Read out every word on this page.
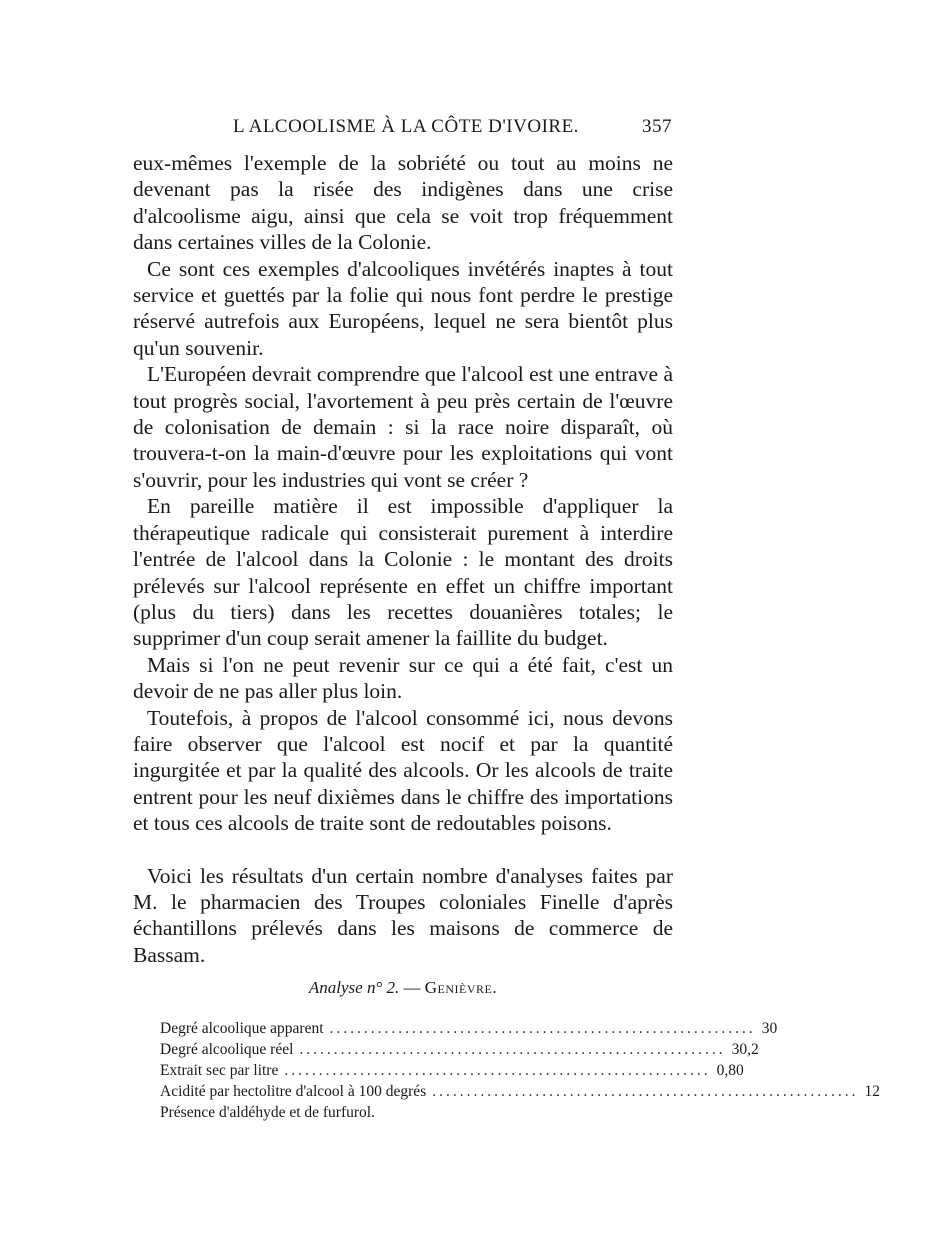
L ALCOOLISME À LA CÔTE D'IVOIRE.	357

eux-mêmes l'exemple de la sobriété ou tout au moins ne devenant pas la risée des indigènes dans une crise d'alcoolisme aigu, ainsi que cela se voit trop fréquemment dans certaines villes de la Colonie.

Ce sont ces exemples d'alcooliques invétérés inaptes à tout service et guettés par la folie qui nous font perdre le prestige réservé autrefois aux Européens, lequel ne sera bientôt plus qu'un souvenir.

L'Européen devrait comprendre que l'alcool est une entrave à tout progrès social, l'avortement à peu près certain de l'œuvre de colonisation de demain : si la race noire disparaît, où trouvera-t-on la main-d'œuvre pour les exploitations qui vont s'ouvrir, pour les industries qui vont se créer ?

En pareille matière il est impossible d'appliquer la thérapeutique radicale qui consisterait purement à interdire l'entrée de l'alcool dans la Colonie : le montant des droits prélevés sur l'alcool représente en effet un chiffre important (plus du tiers) dans les recettes douanières totales; le supprimer d'un coup serait amener la faillite du budget.

Mais si l'on ne peut revenir sur ce qui a été fait, c'est un devoir de ne pas aller plus loin.

Toutefois, à propos de l'alcool consommé ici, nous devons faire observer que l'alcool est nocif et par la quantité ingurgitée et par la qualité des alcools. Or les alcools de traite entrent pour les neuf dixièmes dans le chiffre des importations et tous ces alcools de traite sont de redoutables poisons.

Voici les résultats d'un certain nombre d'analyses faites par M. le pharmacien des Troupes coloniales Finelle d'après échantillons prélevés dans les maisons de commerce de Bassam.

Analyse n° 2. — Genièvre.
Degré alcoolique apparent .............................................................. 30
Degré alcoolique réel .............................................................. 30,2
Extrait sec par litre .............................................................. 0,80
Acidité par hectolitre d'alcool à 100 degrés .............................................................. 12
Présence d'aldéhyde et de furfurol.
